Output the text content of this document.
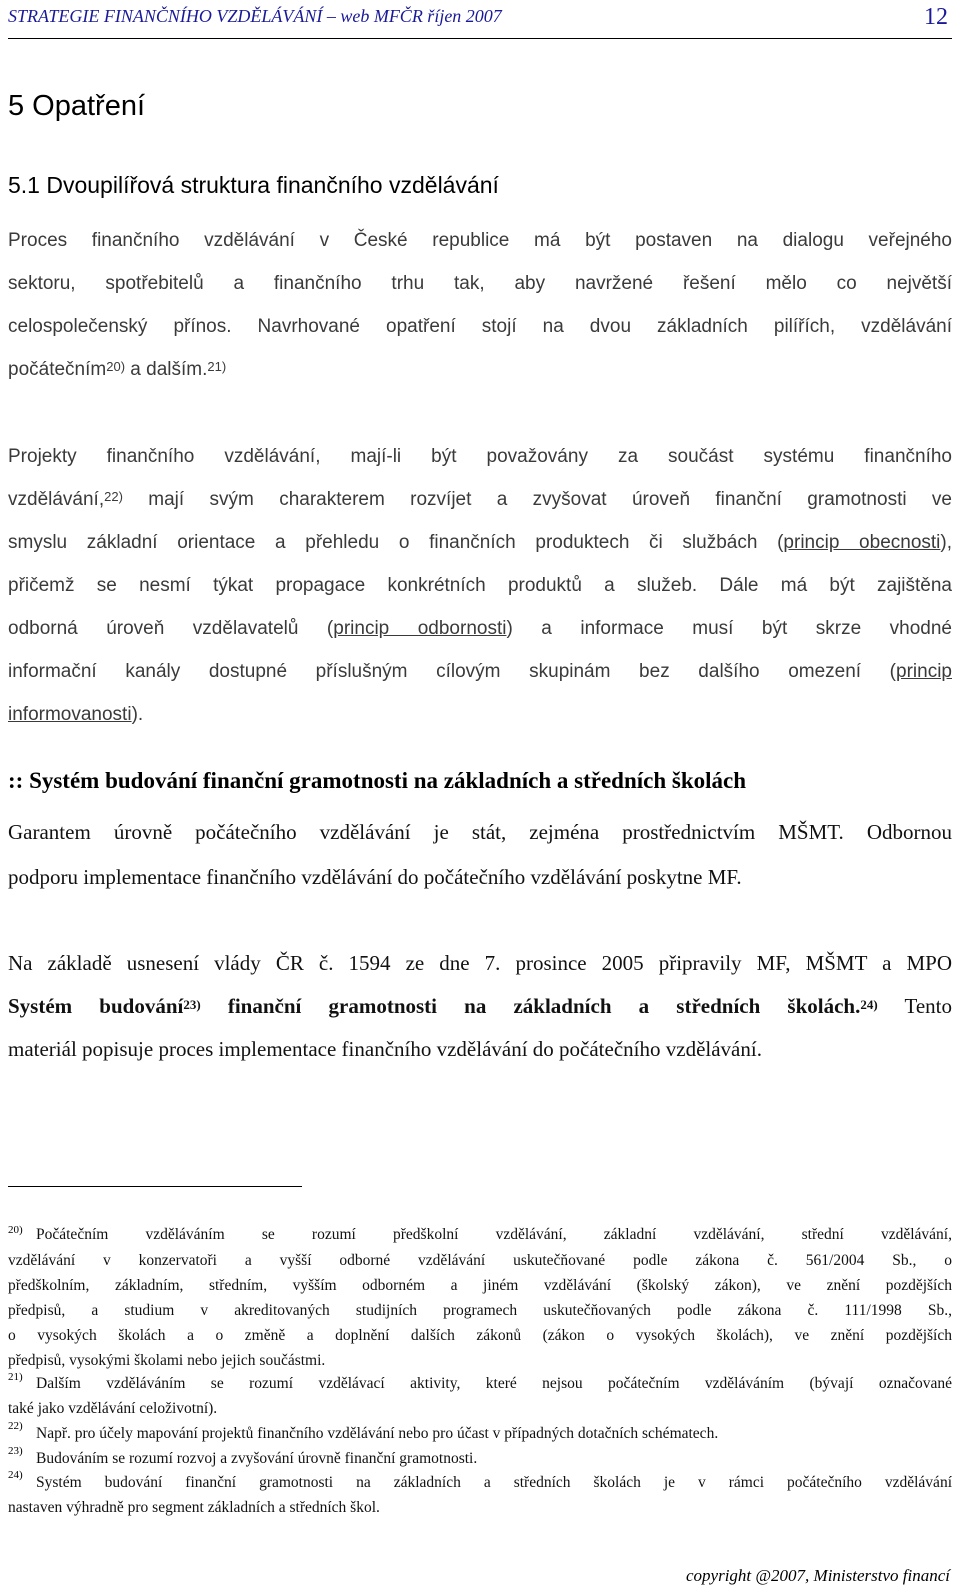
STRATEGIE FINANČNÍHO VZDĚLÁVÁNÍ – web MFČR říjen 2007	12
5 Opatření
5.1 Dvoupilířová struktura finančního vzdělávání
Proces finančního vzdělávání v České republice má být postaven na dialogu veřejného
sektoru, spotřebitelů a finančního trhu tak, aby navržené řešení mělo co největší
celospolečenský přínos. Navrhované opatření stojí na dvou základních pilířích, vzdělávání
počátečním$^{20)}$ a dalším.$^{21)}$
Projekty finančního vzdělávání, mají-li být považovány za součást systému finančního
vzdělávání,$^{22)}$ mají svým charakterem rozvíjet a zvyšovat úroveň finanční gramotnosti ve
smyslu základní orientace a přehledu o finančních produktech či službách (princip obecnosti),
přičemž se nesmí týkat propagace konkrétních produktů a služeb. Dále má být zajištěna
odborná úroveň vzdělavatelů (princip odbornosti) a informace musí být skrze vhodné
informační kanály dostupné příslušným cílovým skupinám bez dalšího omezení (princip
informovanosti).
:: Systém budování finanční gramotnosti na základních a středních školách
Garantem úrovně počátečního vzdělávání je stát, zejména prostřednictvím MŠMT. Odbornou
podporu implementace finančního vzdělávání do počátečního vzdělávání poskytne MF.
Na základě usnesení vlády ČR č. 1594 ze dne 7. prosince 2005 připravily MF, MŠMT a MPO
Systém budování$^{23)}$ finanční gramotnosti na základních a středních školách.$^{24)}$ Tento
materiál popisuje proces implementace finančního vzdělávání do počátečního vzdělávání.
20) Počátečním vzděláváním se rozumí předškolní vzdělávání, základní vzdělávání, střední vzdělávání,
vzdělávání v konzervatoři a vyšší odborné vzdělávání uskutečňované podle zákona č. 561/2004 Sb., o
předškolním, základním, středním, vyšším odborném a jiném vzdělávání (školský zákon), ve znění pozdějších
předpisů, a studium v akreditovaných studijních programech uskutečňovaných podle zákona č. 111/1998 Sb.,
o vysokých školách a o změně a doplnění dalších zákonů (zákon o vysokých školách), ve znění pozdějších
předpisů, vysokými školami nebo jejich součástmi.
21) Dalším vzděláváním se rozumí vzdělávací aktivity, které nejsou počátečním vzděláváním (bývají označované
také jako vzdělávání celoživotní).
22) Např. pro účely mapování projektů finančního vzdělávání nebo pro účast v případných dotačních schématech.
23) Budováním se rozumí rozvoj a zvyšování úrovně finanční gramotnosti.
24) Systém budování finanční gramotnosti na základních a středních školách je v rámci počátečního vzdělávání
nastaven výhradně pro segment základních a středních škol.
copyright @2007, Ministerstvo financí
